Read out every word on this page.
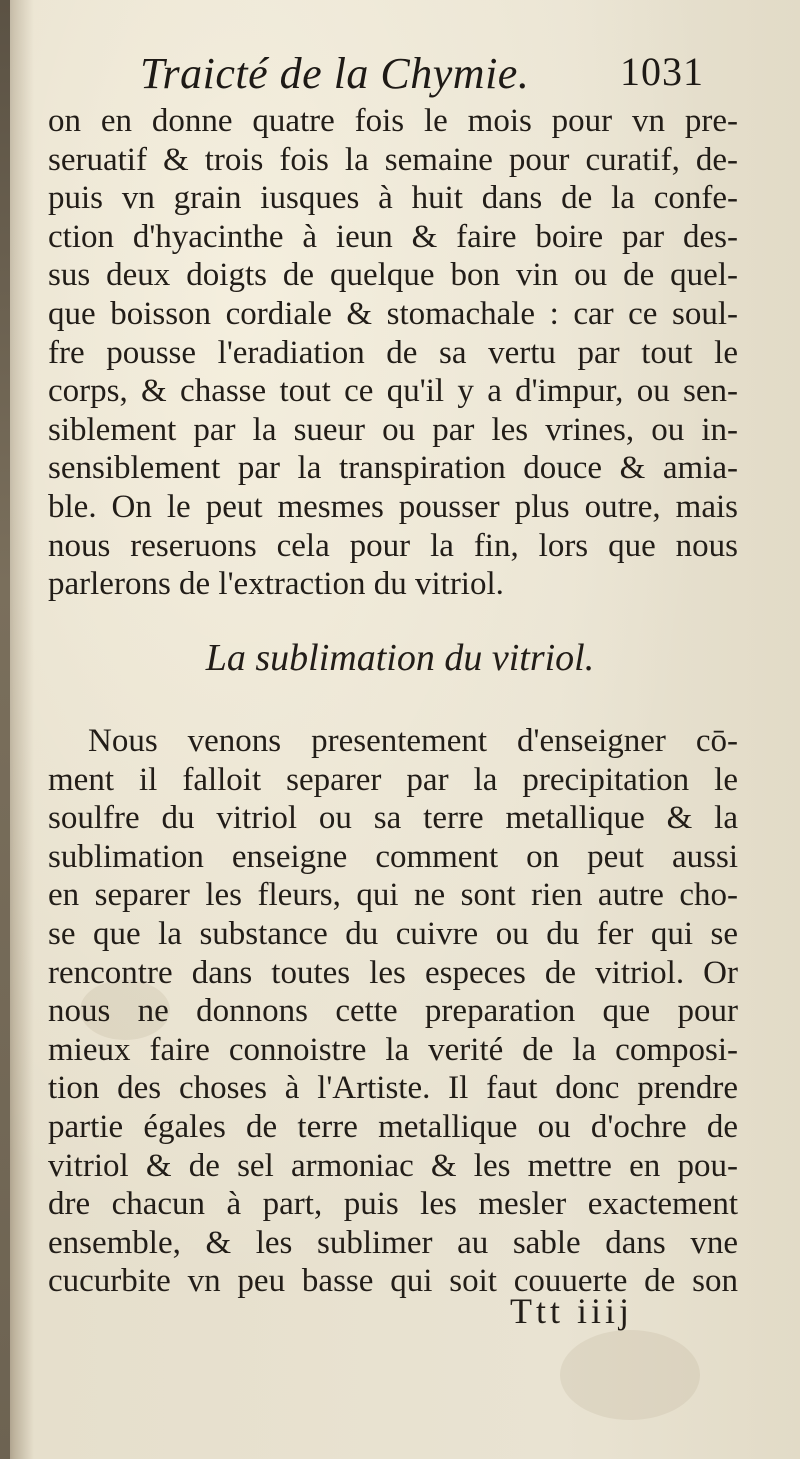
Traicté de la Chymie. 1031
on en donne quatre fois le mois pour vn pre-
seruatif & trois fois la semaine pour curatif, de-
puis vn grain iusques à huit dans de la confe-
ction d'hyacinthe à ieun & faire boire par des-
sus deux doigts de quelque bon vin ou de quel-
que boisson cordiale & stomachale : car ce soul-
fre pousse l'eradiation de sa vertu par tout le
corps, & chasse tout ce qu'il y a d'impur, ou sen-
siblement par la sueur ou par les vrines, ou in-
sensiblement par la transpiration douce & amia-
ble. On le peut mesmes pousser plus outre, mais
nous reseruons cela pour la fin, lors que nous
parlerons de l'extraction du vitriol.
La sublimation du vitriol.
Nous venons presentement d'enseigner cō-
ment il falloit separer par la precipitation le
soulfre du vitriol ou sa terre metallique & la
sublimation enseigne comment on peut aussi
en separer les fleurs, qui ne sont rien autre cho-
se que la substance du cuivre ou du fer qui se
rencontre dans toutes les especes de vitriol. Or
nous ne donnons cette preparation que pour
mieux faire connoistre la verité de la composi-
tion des choses à l'Artiste. Il faut donc prendre
partie égales de terre metallique ou d'ochre de
vitriol & de sel armoniac & les mettre en pou-
dre chacun à part, puis les mesler exactement
ensemble, & les sublimer au sable dans vne
cucurbite vn peu basse qui soit couuerte de son
Ttt iiij
